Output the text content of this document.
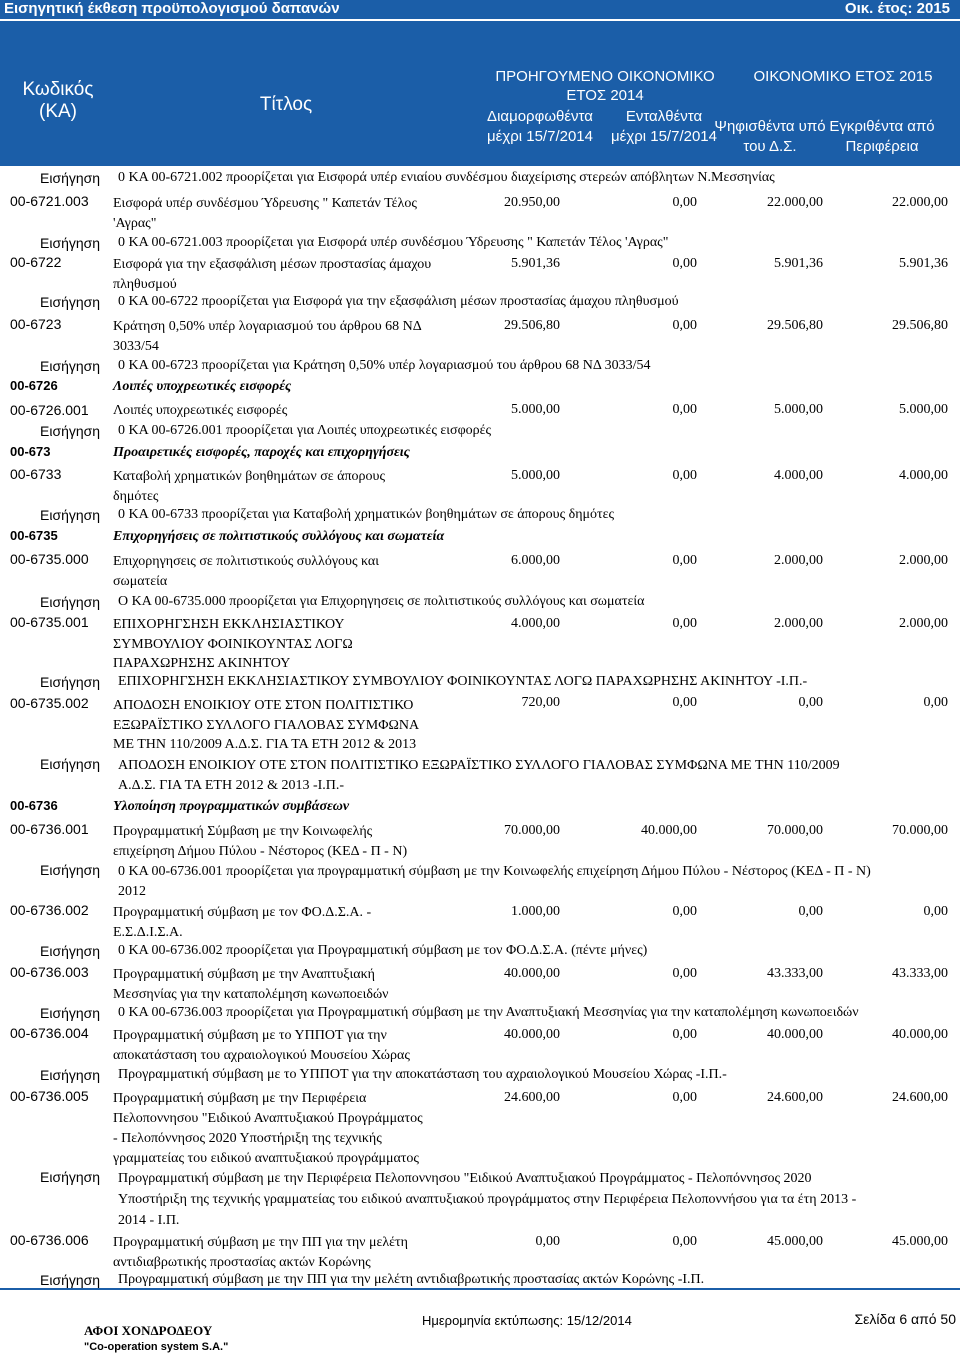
Εισηγητική έκθεση προϋπολογισμού δαπανών	Οικ. έτος: 2015
Κωδικός
(ΚΑ)	Τίτλος
ΠΡΟΗΓΟΥΜΕΝΟ ΟΙΚΟΝΟΜΙΚΟ
ΕΤΟΣ 2014
Διαμορφωθέντα
μέχρι 15/7/2014
Ενταλθέντα
μέχρι 15/7/2014
ΟΙΚΟΝΟΜΙΚΟ ΕΤΟΣ 2015
Ψηφισθέντα υπό
του Δ.Σ.
Εγκριθέντα από
Περιφέρεια
Εισήγηση 0 ΚΑ 00-6721.002 προορίζεται για Εισφορά υπέρ ενιαίου συνδέσμου διαχείρισης στερεών απόβλητων Ν.Μεσσηνίας
00-6721.003 Εισφορά υπέρ συνδέσμου Ύδρευσης " Καπετάν Τέλος
'Αγρας"
20.950,00	0,00	22.000,00	22.000,00
Εισήγηση 0 ΚΑ 00-6721.003 προορίζεται για Εισφορά υπέρ συνδέσμου Ύδρευσης " Καπετάν Τέλος 'Αγρας"
00-6722	Εισφορά για την εξασφάλιση μέσων προστασίας άμαχου
πληθυσμού
5.901,36	0,00	5.901,36	5.901,36
Εισήγηση 0 ΚΑ 00-6722 προορίζεται για Εισφορά για την εξασφάλιση μέσων προστασίας άμαχου πληθυσμού
00-6723	Κράτηση 0,50% υπέρ λογαριασμού του άρθρου 68 ΝΔ
3033/54
29.506,80	0,00	29.506,80	29.506,80
Εισήγηση 0 ΚΑ 00-6723 προορίζεται για Κράτηση 0,50% υπέρ λογαριασμού του άρθρου 68 ΝΔ 3033/54
00-6726	Λοιπές υποχρεωτικές εισφορές
00-6726.001 Λοιπές υποχρεωτικές εισφορές	5.000,00	0,00	5.000,00	5.000,00
Εισήγηση 0 ΚΑ 00-6726.001 προορίζεται για Λοιπές υποχρεωτικές εισφορές
00-673	Προαιρετικές εισφορές, παροχές και επιχορηγήσεις
00-6733	Καταβολή χρηματικών βοηθημάτων σε άπορους
δημότες
5.000,00	0,00	4.000,00	4.000,00
Εισήγηση 0 ΚΑ 00-6733 προορίζεται για Καταβολή χρηματικών βοηθημάτων σε άπορους δημότες
00-6735	Επιχορηγήσεις σε πολιτιστικούς συλλόγους και σωματεία
00-6735.000 Επιχορηγησεις σε πολιτιστικούς συλλόγους και
σωματεία
6.000,00	0,00	2.000,00	2.000,00
Εισήγηση Ο ΚΑ 00-6735.000 προορίζεται για Επιχορηγησεις σε πολιτιστικούς συλλόγους και σωματεία
00-6735.001 ΕΠΙΧΟΡΗΓΣΗΣΗ ΕΚΚΛΗΣΙΑΣΤΙΚΟΥ
ΣΥΜΒΟΥΛΙΟΥ ΦΟΙΝΙΚΟΥΝΤΑΣ ΛΟΓΩ
ΠΑΡΑΧΩΡΗΣΗΣ ΑΚΙΝΗΤΟΥ
4.000,00	0,00	2.000,00	2.000,00
Εισήγηση ΕΠΙΧΟΡΗΓΣΗΣΗ ΕΚΚΛΗΣΙΑΣΤΙΚΟΥ ΣΥΜΒΟΥΛΙΟΥ ΦΟΙΝΙΚΟΥΝΤΑΣ ΛΟΓΩ ΠΑΡΑΧΩΡΗΣΗΣ ΑΚΙΝΗΤΟΥ -Ι.Π.-
00-6735.002 ΑΠΟΔΟΣΗ ΕΝΟΙΚΙΟΥ ΟΤΕ ΣΤΟΝ ΠΟΛΙΤΙΣΤΙΚΟ
ΕΞΩΡΑΪΣΤΙΚΟ ΣΥΛΛΟΓΟ ΓΙΑΛΟΒΑΣ ΣΥΜΦΩΝΑ
ΜΕ ΤΗΝ 110/2009 Α.Δ.Σ. ΓΙΑ ΤΑ ΕΤΗ 2012 & 2013
720,00	0,00	0,00	0,00
Εισήγηση ΑΠΟΔΟΣΗ ΕΝΟΙΚΙΟΥ ΟΤΕ ΣΤΟΝ ΠΟΛΙΤΙΣΤΙΚΟ ΕΞΩΡΑΪΣΤΙΚΟ ΣΥΛΛΟΓΟ ΓΙΑΛΟΒΑΣ ΣΥΜΦΩΝΑ ΜΕ ΤΗΝ 110/2009
Α.Δ.Σ. ΓΙΑ ΤΑ ΕΤΗ 2012 & 2013 -Ι.Π.-
00-6736	Υλοποίηση προγραμματικών συμβάσεων
00-6736.001 Προγραμματική Σύμβαση με την Κοινωφελής
επιχείρηση Δήμου Πύλου - Νέστορος (ΚΕΔ - Π - Ν)
70.000,00	40.000,00	70.000,00	70.000,00
Εισήγηση 0 ΚΑ 00-6736.001 προορίζεται για προγραμματική σύμβαση με την Κοινωφελής επιχείρηση Δήμου Πύλου - Νέστορος (ΚΕΔ - Π - Ν)
2012
00-6736.002 Προγραμματική σύμβαση με τον ΦΟ.Δ.Σ.Α. -
Ε.Σ.Δ.Ι.Σ.Α.
1.000,00	0,00	0,00	0,00
Εισήγηση 0 ΚΑ 00-6736.002 προορίζεται για Προγραμματική σύμβαση με τον ΦΟ.Δ.Σ.Α. (πέντε μήνες)
00-6736.003 Προγραμματική σύμβαση με την Αναπτυξιακή
Μεσσηνίας για την καταπολέμηση κωνωποειδών
40.000,00	0,00	43.333,00	43.333,00
Εισήγηση 0 ΚΑ 00-6736.003 προορίζεται για Προγραμματική σύμβαση με την Αναπτυξιακή Μεσσηνίας για την καταπολέμηση κωνωποειδών
00-6736.004 Προγραμματική σύμβαση με το ΥΠΠΟΤ για την
αποκατάσταση του αχραιολογικού Μουσείου Χώρας
40.000,00	0,00	40.000,00	40.000,00
Εισήγηση Προγραμματική σύμβαση με το ΥΠΠΟΤ για την αποκατάσταση του αχραιολογικού Μουσείου Χώρας -Ι.Π.-
00-6736.005 Προγραμματική σύμβαση με την Περιφέρεια
Πελοποννησου "Ειδικού Αναπτυξιακού Προγράμματος
- Πελοπόννησος 2020 Υποστήριξη της τεχνικής
γραμματείας του ειδικού αναπτυξιακού προγράμματος
24.600,00	0,00	24.600,00	24.600,00
Εισήγηση Προγραμματική σύμβαση με την Περιφέρεια Πελοποννησου "Ειδικού Αναπτυξιακού Προγράμματος - Πελοπόννησος 2020
Υποστήριξη της τεχνικής γραμματείας του ειδικού αναπτυξιακού προγράμματος στην Περιφέρεια Πελοποννήσου για τα έτη 2013 -
2014 - Ι.Π.
00-6736.006 Προγραμματική σύμβαση με την ΠΠ για την μελέτη
αντιδιαβρωτικής προστασίας ακτών Κορώνης
0,00	0,00	45.000,00	45.000,00
Εισήγηση Προγραμματική σύμβαση με την ΠΠ για την μελέτη αντιδιαβρωτικής προστασίας ακτών Κορώνης -Ι.Π.
ΑΦΟΙ ΧΟΝΔΡΟΔΕΟΥ
"Co-operation system S.A."
Ημερομηνία εκτύπωσης: 15/12/2014	Σελίδα 6 από 50
